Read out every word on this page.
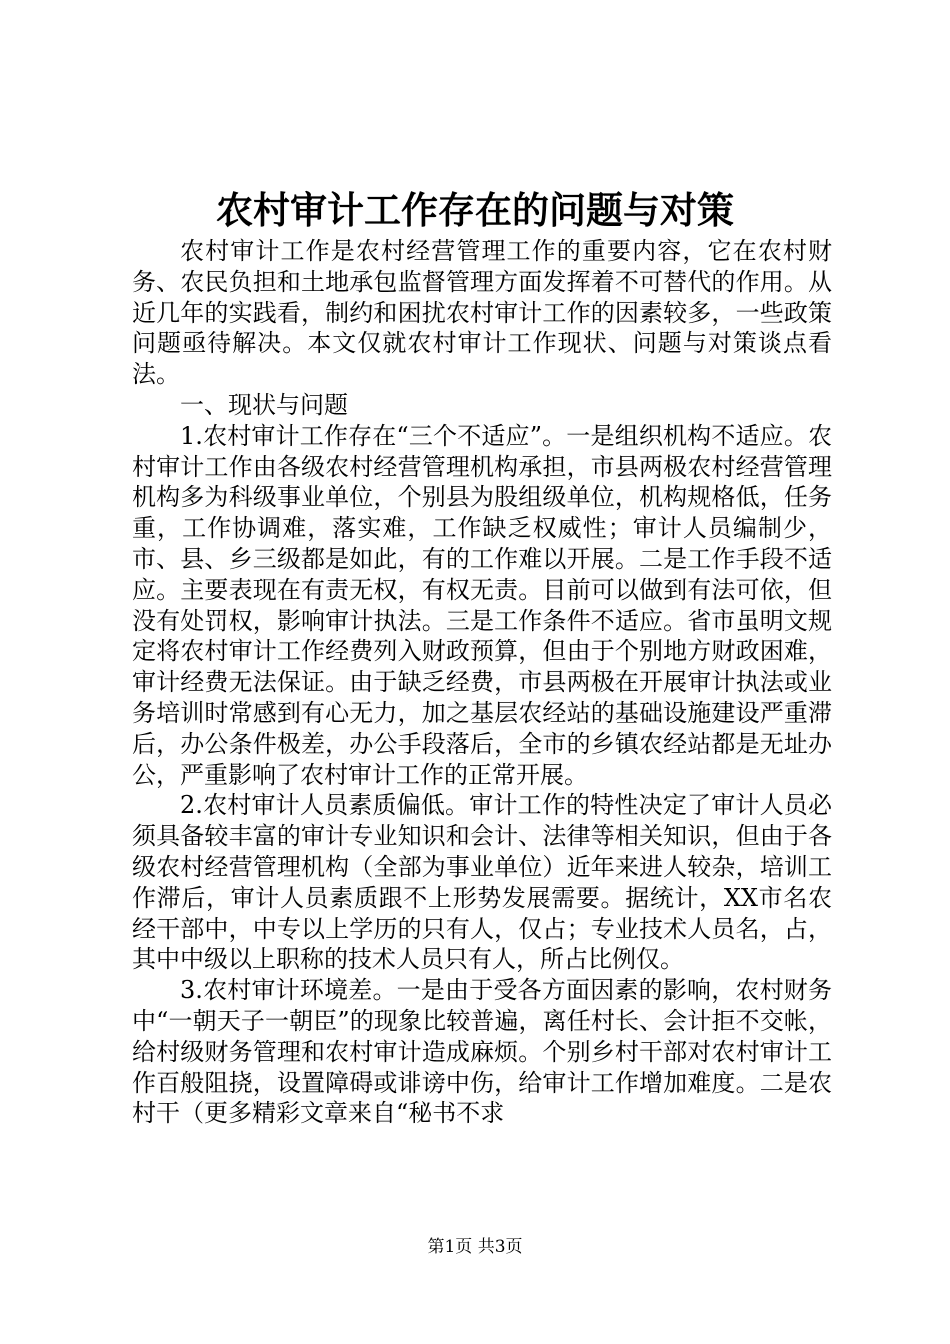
农村审计工作存在的问题与对策

农村审计工作是农村经营管理工作的重要内容，它在农村财务、农民负担和土地承包监督管理方面发挥着不可替代的作用。从近几年的实践看，制约和困扰农村审计工作的因素较多，一些政策问题亟待解决。本文仅就农村审计工作现状、问题与对策谈点看法。

一、现状与问题

1.农村审计工作存在“三个不适应”。一是组织机构不适应。农村审计工作由各级农村经营管理机构承担，市县两极农村经营管理机构多为科级事业单位，个别县为股组级单位，机构规格低，任务重，工作协调难，落实难，工作缺乏权威性；审计人员编制少，市、县、乡三级都是如此，有的工作难以开展。二是工作手段不适应。主要表现在有责无权，有权无责。目前可以做到有法可依，但没有处罚权，影响审计执法。三是工作条件不适应。省市虽明文规定将农村审计工作经费列入财政预算，但由于个别地方财政困难，审计经费无法保证。由于缺乏经费，市县两极在开展审计执法或业务培训时常感到有心无力，加之基层农经站的基础设施建设严重滞后，办公条件极差，办公手段落后，全市的乡镇农经站都是无址办公，严重影响了农村审计工作的正常开展。

2.农村审计人员素质偏低。审计工作的特性决定了审计人员必须具备较丰富的审计专业知识和会计、法律等相关知识，但由于各级农村经营管理机构（全部为事业单位）近年来进人较杂，培训工作滞后，审计人员素质跟不上形势发展需要。据统计，XX市名农经干部中，中专以上学历的只有人，仅占；专业技术人员名，占，其中中级以上职称的技术人员只有人，所占比例仅。

3.农村审计环境差。一是由于受各方面因素的影响，农村财务中“一朝天子一朝臣”的现象比较普遍，离任村长、会计拒不交帐，给村级财务管理和农村审计造成麻烦。个别乡村干部对农村审计工作百般阻挠，设置障碍或诽谤中伤，给审计工作增加难度。二是农村干（更多精彩文章来自“秘书不求

第1页 共3页
